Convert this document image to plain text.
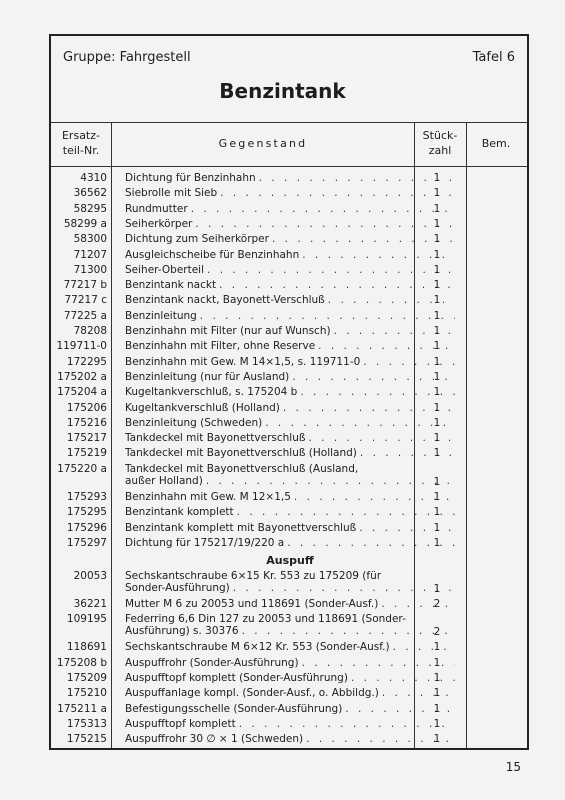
Gruppe: Fahrgestell	Tafel 6
Benzintank
Ersatz-
teil-Nr.
Gegenstand
Stück-
zahl
Bem.
4310 Dichtung für Benzinhahn . . .	1
36562 Siebrolle mit Sieb . . .	1
58295 Rundmutter . . .	1
58299 a Seiherkörper . . .	1
58300 Dichtung zum Seiherkörper . . .	1
71207 Ausgleichscheibe für Benzinhahn . . .	1
71300 Seiher-Oberteil . . .	1
77217 b Benzintank nackt . . .	1
77217 c Benzintank nackt, Bayonett-Verschluß . . .	1
77225 a Benzinleitung . . .	1
78208 Benzinhahn mit Filter (nur auf Wunsch) . . .	1
119711-0 Benzinhahn mit Filter, ohne Reserve . . .	1
172295 Benzinhahn mit Gew. M 14×1,5, s. 119711-0 . . .	1
175202 a Benzinleitung (nur für Ausland) . . .	1
175204 a Kugeltankverschluß, s. 175204 b . . .	1
175206 Kugeltankverschluß (Holland) . . .	1
175216 Benzinleitung (Schweden) . . .	1
175217 Tankdeckel mit Bayonettverschluß . . .	1
175219 Tankdeckel mit Bayonettverschluß (Holland) . . .	1
175220 a Tankdeckel mit Bayonettverschluß (Ausland,
außer Holland) . . .	1
175293 Benzinhahn mit Gew. M 12×1,5 . . .	1
175295 Benzintank komplett . . .	1
175296 Benzintank komplett mit Bayonettverschluß . . .	1
175297 Dichtung für 175217/19/220 a . . .	1
Auspuff
20053 Sechskantschraube 6×15 Kr. 553 zu 175209 (für
Sonder-Ausführung) . . .	1
36221 Mutter M 6 zu 20053 und 118691 (Sonder-Ausf.) . . .	2
109195 Federring 6,6 Din 127 zu 20053 und 118691 (Sonder-
Ausführung) s. 30376 . . .	2
118691 Sechskantschraube M 6×12 Kr. 553 (Sonder-Ausf.) . . .	1
175208 b Auspuffrohr (Sonder-Ausführung) . . .	1
175209 Auspufftopf komplett (Sonder-Ausführung) . . .	1
175210 Auspuffanlage kompl. (Sonder-Ausf., o. Abbildg.) . . .	1
175211 a Befestigungsschelle (Sonder-Ausführung) . . .	1
175313 Auspufftopf komplett . . .	1
175215 Auspuffrohr 30 ∅ × 1 (Schweden) . . .	1
15
